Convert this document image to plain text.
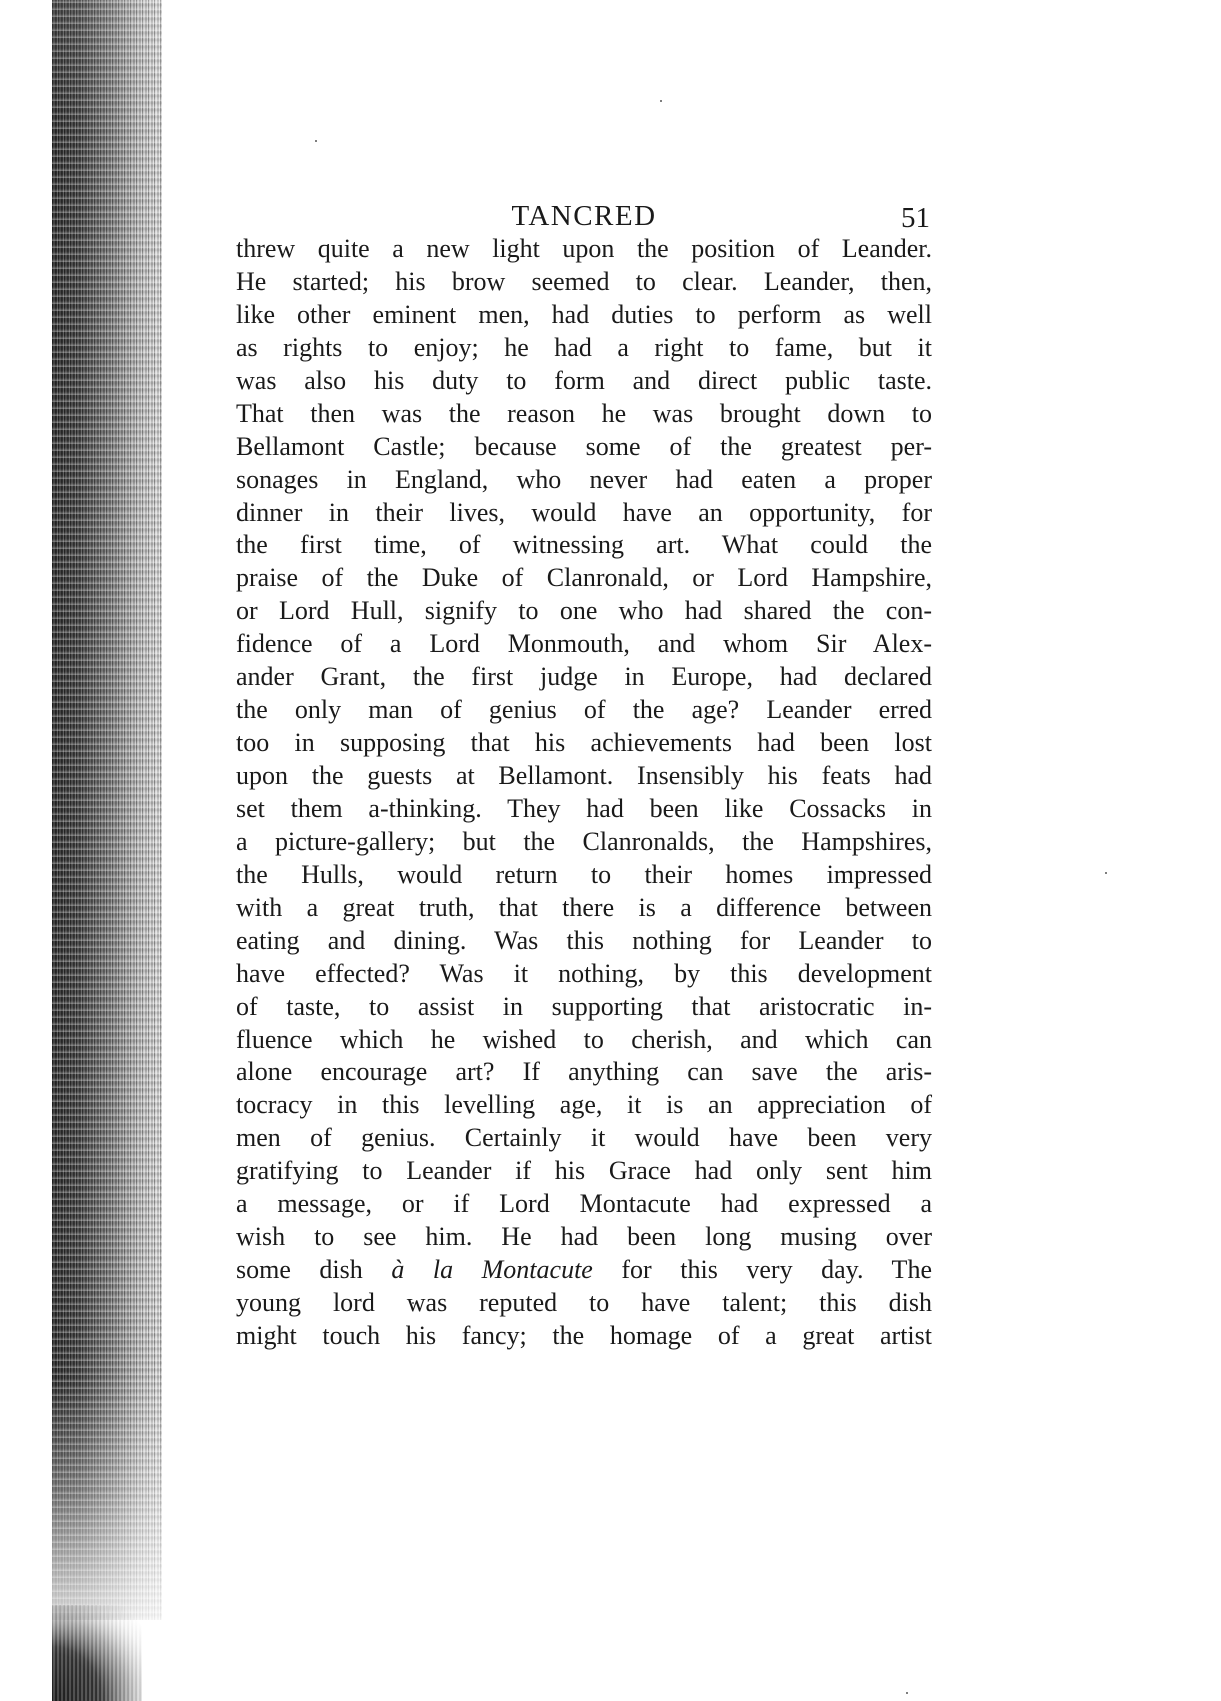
TANCRED	51
threw quite a new light upon the position of Leander.
He started; his brow seemed to clear. Leander, then,
like other eminent men, had duties to perform as well
as rights to enjoy; he had a right to fame, but it
was also his duty to form and direct public taste.
That then was the reason he was brought down to
Bellamont Castle; because some of the greatest per-
sonages in England, who never had eaten a proper
dinner in their lives, would have an opportunity, for
the first time, of witnessing art. What could the
praise of the Duke of Clanronald, or Lord Hampshire,
or Lord Hull, signify to one who had shared the con-
fidence of a Lord Monmouth, and whom Sir Alex-
ander Grant, the first judge in Europe, had declared
the only man of genius of the age? Leander erred
too in supposing that his achievements had been lost
upon the guests at Bellamont. Insensibly his feats had
set them a-thinking. They had been like Cossacks in
a picture-gallery; but the Clanronalds, the Hampshires,
the Hulls, would return to their homes impressed
with a great truth, that there is a difference between
eating and dining. Was this nothing for Leander to
have effected? Was it nothing, by this development
of taste, to assist in supporting that aristocratic in-
fluence which he wished to cherish, and which can
alone encourage art? If anything can save the aris-
tocracy in this levelling age, it is an appreciation of
men of genius. Certainly it would have been very
gratifying to Leander if his Grace had only sent him
a message, or if Lord Montacute had expressed a
wish to see him. He had been long musing over
some dish à la Montacute for this very day. The
young lord was reputed to have talent; this dish
might touch his fancy; the homage of a great artist
